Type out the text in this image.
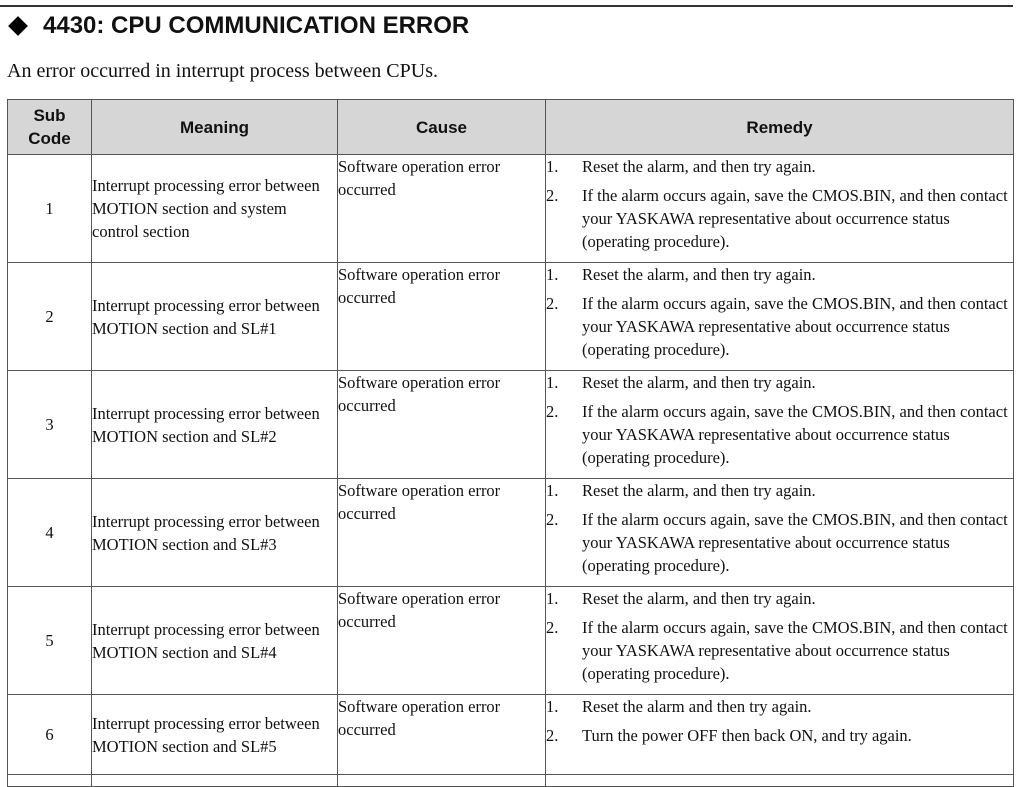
4430: CPU COMMUNICATION ERROR
An error occurred in interrupt process between CPUs.
Sub
Code	Meaning	Cause	Remedy
1	Interrupt processing error between MOTION section and system control section	Software operation error occurred	1. Reset the alarm, and then try again.
2. If the alarm occurs again, save the CMOS.BIN, and then contact your YASKAWA representative about occurrence status (operating procedure).

2	Interrupt processing error between MOTION section and SL#1	Software operation error occurred	1. Reset the alarm, and then try again.
2. If the alarm occurs again, save the CMOS.BIN, and then contact your YASKAWA representative about occurrence status (operating procedure).

3	Interrupt processing error between MOTION section and SL#2	Software operation error occurred	1. Reset the alarm, and then try again.
2. If the alarm occurs again, save the CMOS.BIN, and then contact your YASKAWA representative about occurrence status (operating procedure).

4	Interrupt processing error between MOTION section and SL#3	Software operation error occurred	1. Reset the alarm, and then try again.
2. If the alarm occurs again, save the CMOS.BIN, and then contact your YASKAWA representative about occurrence status (operating procedure).

5	Interrupt processing error between MOTION section and SL#4	Software operation error occurred	1. Reset the alarm, and then try again.
2. If the alarm occurs again, save the CMOS.BIN, and then contact your YASKAWA representative about occurrence status (operating procedure).

6	Interrupt processing error between MOTION section and SL#5	Software operation error occurred	1. Reset the alarm and then try again.
2. Turn the power OFF then back ON, and try again.
